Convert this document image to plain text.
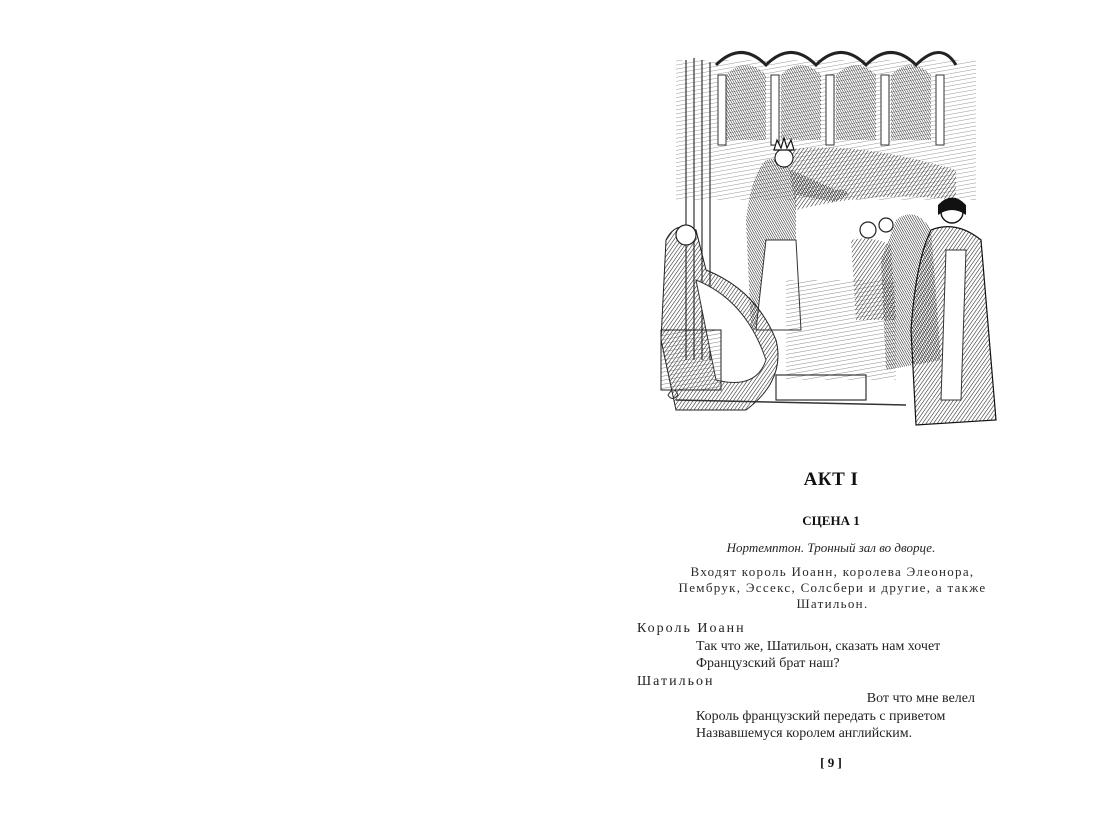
АКТ I
СЦЕНА 1
Нортемптон. Тронный зал во дворце.
Входят король Иоанн, королева Элеонора,
Пембрук, Эссекс, Солсбери и другие, а также
Шатильон.
Король Иоанн
Так что же, Шатильон, сказать нам хочет
Французский брат наш?
Шатильон
Вот что мне велел
Король французский передать с приветом
Назвавшемуся королем английским.
[ 9 ]
